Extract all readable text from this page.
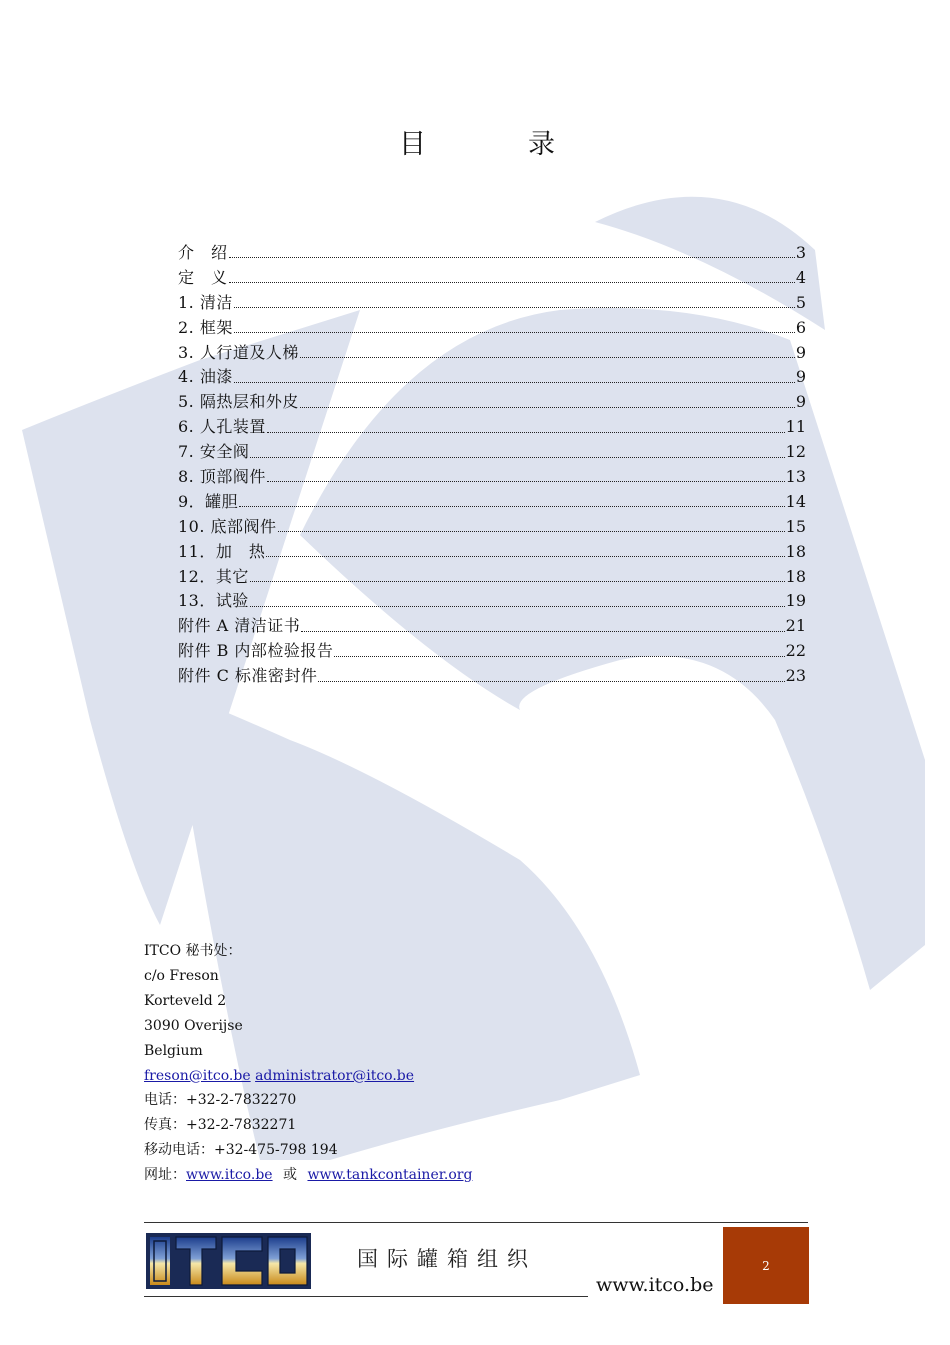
目	录
介　绍	3
定　义	4
1. 清洁	5
2. 框架	6
3. 人行道及人梯	9
4. 油漆	9
5. 隔热层和外皮	9
6. 人孔装置	11
7. 安全阀	12
8. 顶部阀件	13
9．罐胆	14
10. 底部阀件	15
11．加　热	18
12．其它	18
13．试验	19
附件 A 清洁证书	21
附件 B 内部检验报告	22
附件 C 标准密封件	23
ITCO 秘书处：
c/o Freson
Korteveld 2
3090 Overijse
Belgium
freson@itco.be administrator@itco.be
电话：+32-2-7832270
传真：+32-2-7832271
移动电话：+32-475-798 194
网址：www.itco.be 或 www.tankcontainer.org
国际罐箱组织
www.itco.be
2
